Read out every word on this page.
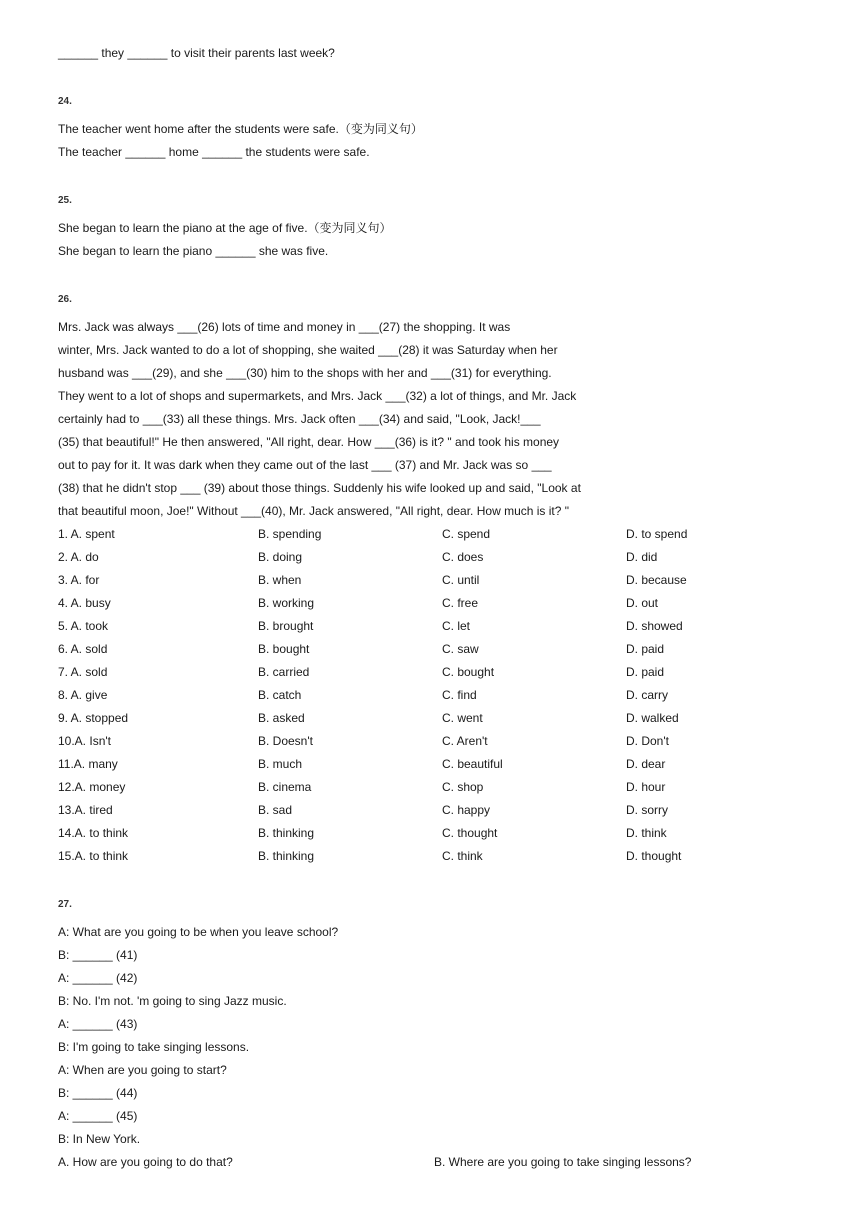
______ they ______ to visit their parents last week?
24.
The teacher went home after the students were safe.（变为同义句）
The teacher ______ home ______ the students were safe.
25.
She began to learn the piano at the age of five.（变为同义句）
She began to learn the piano ______ she was five.
26.
Mrs. Jack was always ___(26) lots of time and money in ___(27) the shopping. It was
winter, Mrs. Jack wanted to do a lot of shopping, she waited ___(28) it was Saturday when her
husband was ___(29), and she ___(30) him to the shops with her and ___(31) for everything.
They went to a lot of shops and supermarkets, and Mrs. Jack ___(32) a lot of things, and Mr. Jack
certainly had to ___(33) all these things. Mrs. Jack often ___(34) and said, "Look, Jack!___
(35) that beautiful!" He then answered, "All right, dear. How ___(36) is it? " and took his money
out to pay for it. It was dark when they came out of the last ___ (37) and Mr. Jack was so ___
(38) that he didn't stop ___ (39) about those things. Suddenly his wife looked up and said, "Look at
that beautiful moon, Joe!" Without ___(40), Mr. Jack answered, "All right, dear. How much is it? "
1. A. spent	B. spending	C. spend	D. to spend
2. A. do	B. doing	C. does	D. did
3. A. for	B. when	C. until	D. because
4. A. busy	B. working	C. free	D. out
5. A. took	B. brought	C. let	D. showed
6. A. sold	B. bought	C. saw	D. paid
7. A. sold	B. carried	C. bought	D. paid
8. A. give	B. catch	C. find	D. carry
9. A. stopped	B. asked	C. went	D. walked
10.A. Isn't	B. Doesn't	C. Aren't	D. Don't
11.A. many	B. much	C. beautiful	D. dear
12.A. money	B. cinema	C. shop	D. hour
13.A. tired	B. sad	C. happy	D. sorry
14.A. to think	B. thinking	C. thought	D. think
15.A. to think	B. thinking	C. think	D. thought
27.
A: What are you going to be when you leave school?
B: ______ (41)
A: ______ (42)
B: No. I'm not. 'm going to sing Jazz music.
A: ______ (43)
B: I'm going to take singing lessons.
A: When are you going to start?
B: ______ (44)
A: ______ (45)
B: In New York.
A. How are you going to do that?	B. Where are you going to take singing lessons?
